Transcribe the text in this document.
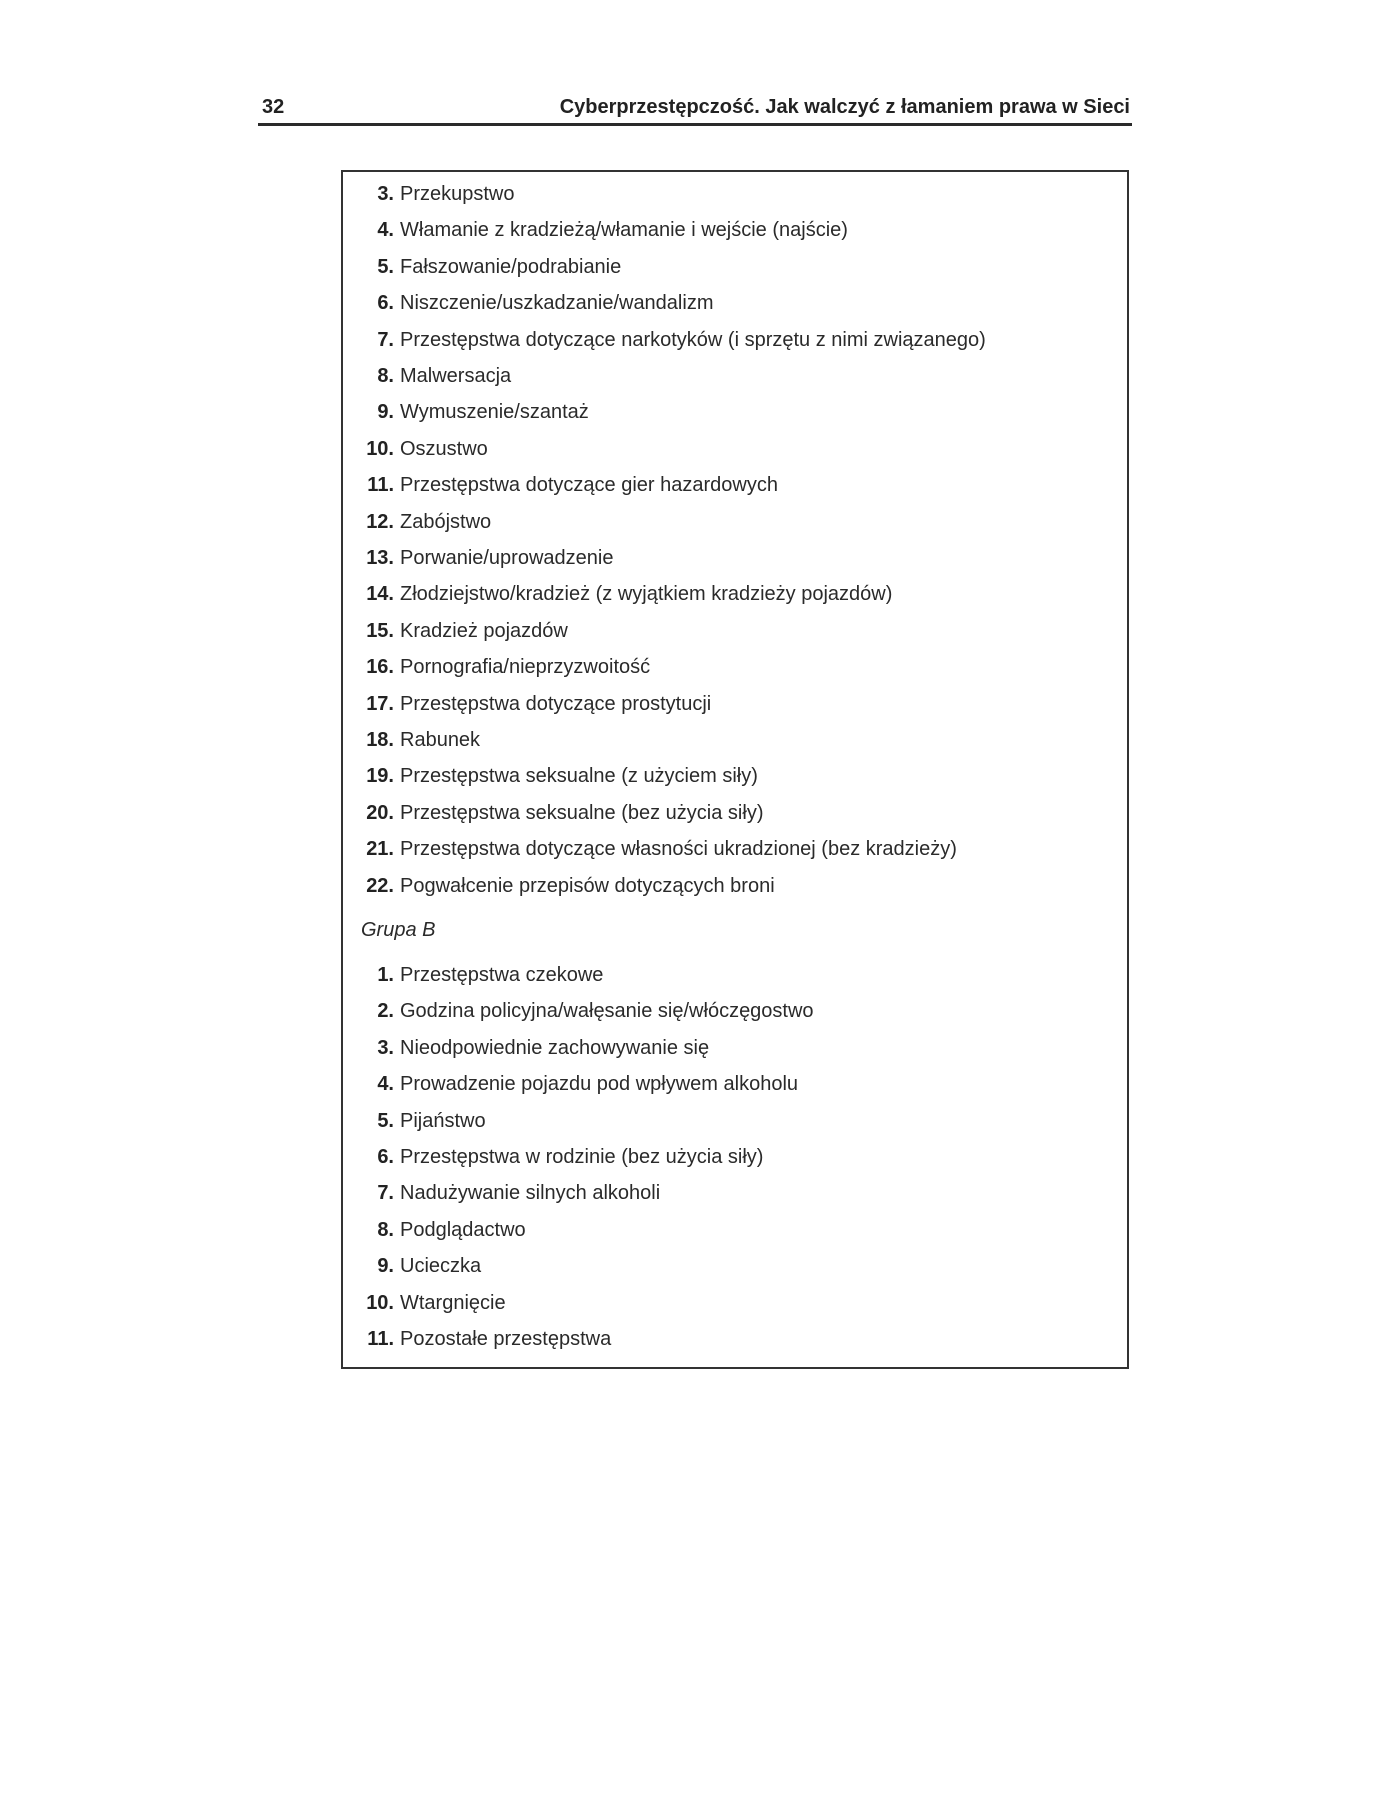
32	Cyberprzestępczość. Jak walczyć z łamaniem prawa w Sieci
3. Przekupstwo
4. Włamanie z kradzieżą/włamanie i wejście (najście)
5. Fałszowanie/podrabianie
6. Niszczenie/uszkadzanie/wandalizm
7. Przestępstwa dotyczące narkotyków (i sprzętu z nimi związanego)
8. Malwersacja
9. Wymuszenie/szantaż
10. Oszustwo
11. Przestępstwa dotyczące gier hazardowych
12. Zabójstwo
13. Porwanie/uprowadzenie
14. Złodziejstwo/kradzież (z wyjątkiem kradzieży pojazdów)
15. Kradzież pojazdów
16. Pornografia/nieprzyzwoitość
17. Przestępstwa dotyczące prostytucji
18. Rabunek
19. Przestępstwa seksualne (z użyciem siły)
20. Przestępstwa seksualne (bez użycia siły)
21. Przestępstwa dotyczące własności ukradzionej (bez kradzieży)
22. Pogwałcenie przepisów dotyczących broni
Grupa B
1. Przestępstwa czekowe
2. Godzina policyjna/wałęsanie się/włóczęgostwo
3. Nieodpowiednie zachowywanie się
4. Prowadzenie pojazdu pod wpływem alkoholu
5. Pijaństwo
6. Przestępstwa w rodzinie (bez użycia siły)
7. Nadużywanie silnych alkoholi
8. Podglądactwo
9. Ucieczka
10. Wtargnięcie
11. Pozostałe przestępstwa
